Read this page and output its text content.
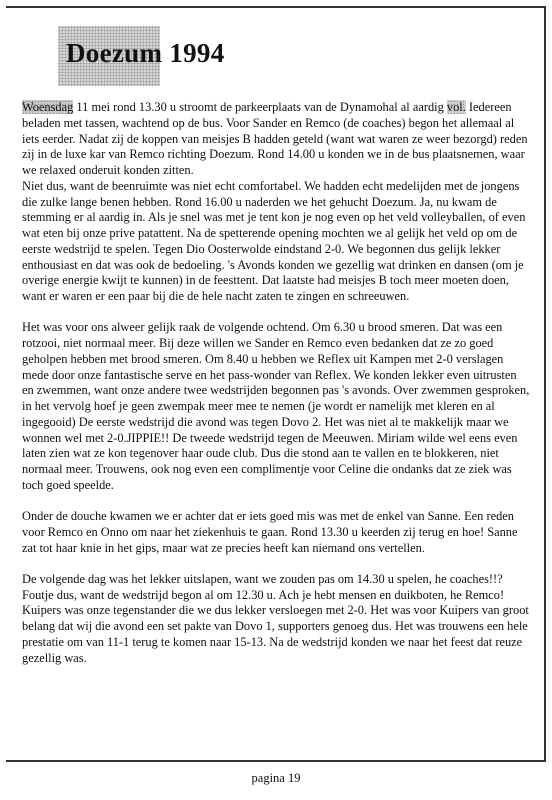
Doezum 1994

Woensdag 11 mei rond 13.30 u stroomt de parkeerplaats van de Dynamohal al aardig vol. Iedereen beladen met tassen, wachtend op de bus. Voor Sander en Remco (de coaches) begon het allemaal al iets eerder. Nadat zij de koppen van meisjes B hadden geteld (want wat waren ze weer bezorgd) reden zij in de luxe kar van Remco richting Doezum. Rond 14.00 u konden we in de bus plaatsnemen, waar we relaxed onderuit konden zitten.
Niet dus, want de beenruimte was niet echt comfortabel. We hadden echt medelijden met de jongens die zulke lange benen hebben. Rond 16.00 u naderden we het gehucht Doezum. Ja, nu kwam de stemming er al aardig in. Als je snel was met je tent kon je nog even op het veld volleyballen, of even wat eten bij onze prive patattent. Na de spetterende opening mochten we al gelijk het veld op om de eerste wedstrijd te spelen. Tegen Dio Oosterwolde eindstand 2-0. We begonnen dus gelijk lekker enthousiast en dat was ook de bedoeling. 's Avonds konden we gezellig wat drinken en dansen (om je overige energie kwijt te kunnen) in de feesttent. Dat laatste had meisjes B toch meer moeten doen, want er waren er een paar bij die de hele nacht zaten te zingen en schreeuwen.

Het was voor ons alweer gelijk raak de volgende ochtend. Om 6.30 u brood smeren. Dat was een rotzooi, niet normaal meer. Bij deze willen we Sander en Remco even bedanken dat ze zo goed geholpen hebben met brood smeren. Om 8.40 u hebben we Reflex uit Kampen met 2-0 verslagen mede door onze fantastische serve en het pass-wonder van Reflex. We konden lekker even uitrusten en zwemmen, want onze andere twee wedstrijden begonnen pas 's avonds. Over zwemmen gesproken, in het vervolg hoef je geen zwempak meer mee te nemen (je wordt er namelijk met kleren en al ingegooid) De eerste wedstrijd die avond was tegen Dovo 2. Het was niet al te makkelijk maar we wonnen wel met 2-0.JIPPIE!! De tweede wedstrijd tegen de Meeuwen. Miriam wilde wel eens even laten zien wat ze kon tegenover haar oude club. Dus die stond aan te vallen en te blokkeren, niet normaal meer. Trouwens, ook nog even een complimentje voor Celine die ondanks dat ze ziek was toch goed speelde.

Onder de douche kwamen we er achter dat er iets goed mis was met de enkel van Sanne. Een reden voor Remco en Onno om naar het ziekenhuis te gaan. Rond 13.30 u keerden zij terug en hoe! Sanne zat tot haar knie in het gips, maar wat ze precies heeft kan niemand ons vertellen.

De volgende dag was het lekker uitslapen, want we zouden pas om 14.30 u spelen, he coaches!!? Foutje dus, want de wedstrijd begon al om 12.30 u. Ach je hebt mensen en duikboten, he Remco! Kuipers was onze tegenstander die we dus lekker versloegen met 2-0. Het was voor Kuipers van groot belang dat wij die avond een set pakte van Dovo 1, supporters genoeg dus. Het was trouwens een hele prestatie om van 11-1 terug te komen naar 15-13. Na de wedstrijd konden we naar het feest dat reuze gezellig was.

pagina 19
